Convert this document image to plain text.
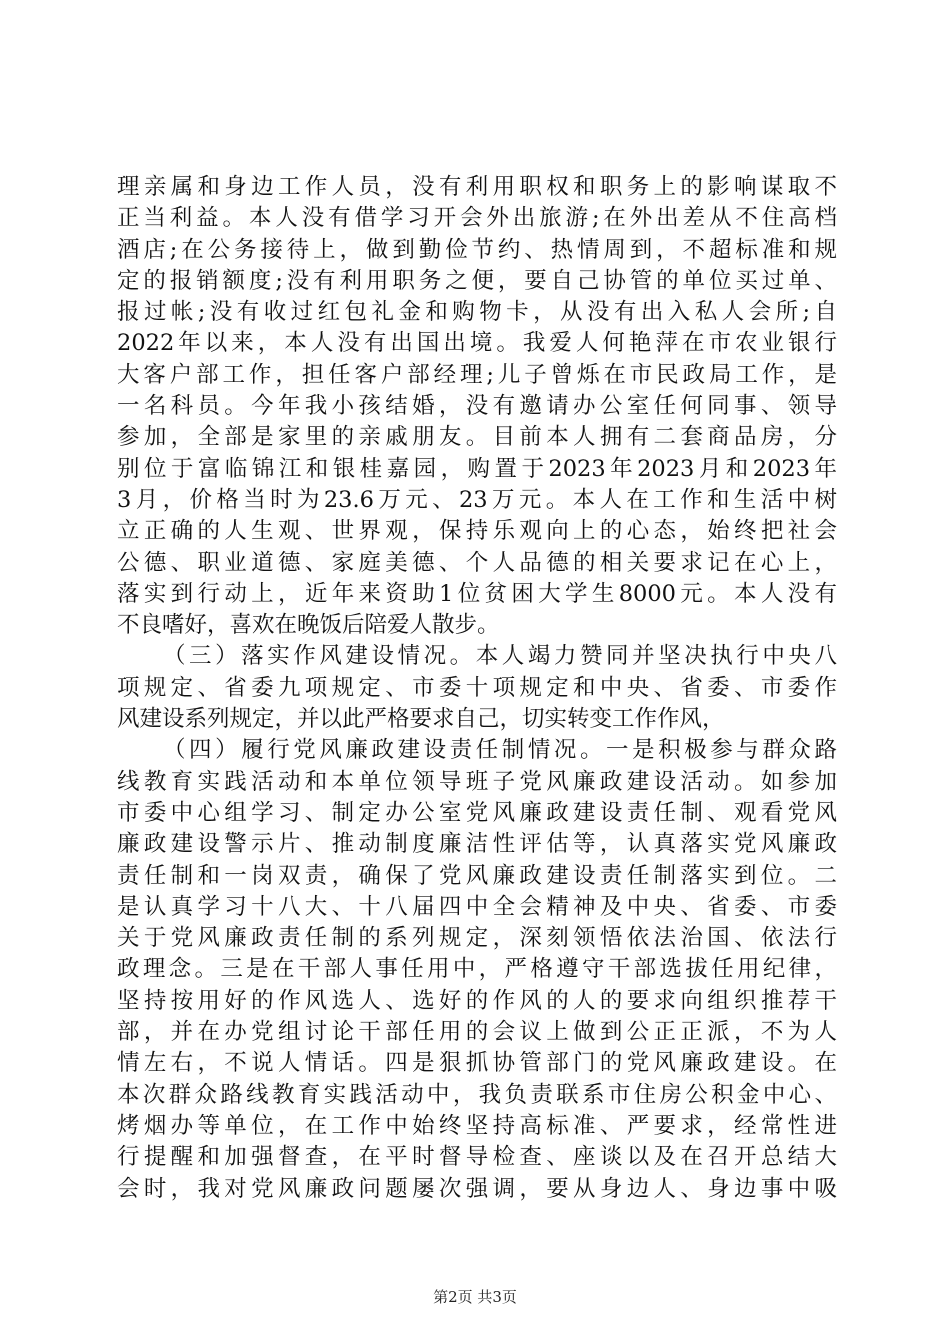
理亲属和身边工作人员，没有利用职权和职务上的影响谋取不
正当利益。本人没有借学习开会外出旅游;在外出差从不住高档
酒店;在公务接待上，做到勤俭节约、热情周到，不超标准和规
定的报销额度;没有利用职务之便，要自己协管的单位买过单、
报过帐;没有收过红包礼金和购物卡，从没有出入私人会所;自
2022年以来，本人没有出国出境。我爱人何艳萍在市农业银行
大客户部工作，担任客户部经理;儿子曾烁在市民政局工作，是
一名科员。今年我小孩结婚，没有邀请办公室任何同事、领导
参加，全部是家里的亲戚朋友。目前本人拥有二套商品房，分
别位于富临锦江和银桂嘉园，购置于2023年2023月和2023年
3月，价格当时为23.6万元、23万元。本人在工作和生活中树
立正确的人生观、世界观，保持乐观向上的心态，始终把社会
公德、职业道德、家庭美德、个人品德的相关要求记在心上，
落实到行动上，近年来资助1位贫困大学生8000元。本人没有
不良嗜好，喜欢在晚饭后陪爱人散步。
（三）落实作风建设情况。本人竭力赞同并坚决执行中央八
项规定、省委九项规定、市委十项规定和中央、省委、市委作
风建设系列规定，并以此严格要求自己，切实转变工作作风，
（四）履行党风廉政建设责任制情况。一是积极参与群众路
线教育实践活动和本单位领导班子党风廉政建设活动。如参加
市委中心组学习、制定办公室党风廉政建设责任制、观看党风
廉政建设警示片、推动制度廉洁性评估等，认真落实党风廉政
责任制和一岗双责，确保了党风廉政建设责任制落实到位。二
是认真学习十八大、十八届四中全会精神及中央、省委、市委
关于党风廉政责任制的系列规定，深刻领悟依法治国、依法行
政理念。三是在干部人事任用中，严格遵守干部选拔任用纪律，
坚持按用好的作风选人、选好的作风的人的要求向组织推荐干
部，并在办党组讨论干部任用的会议上做到公正正派，不为人
情左右，不说人情话。四是狠抓协管部门的党风廉政建设。在
本次群众路线教育实践活动中，我负责联系市住房公积金中心、
烤烟办等单位，在工作中始终坚持高标准、严要求，经常性进
行提醒和加强督查，在平时督导检查、座谈以及在召开总结大
会时，我对党风廉政问题屡次强调，要从身边人、身边事中吸
第2页 共3页
